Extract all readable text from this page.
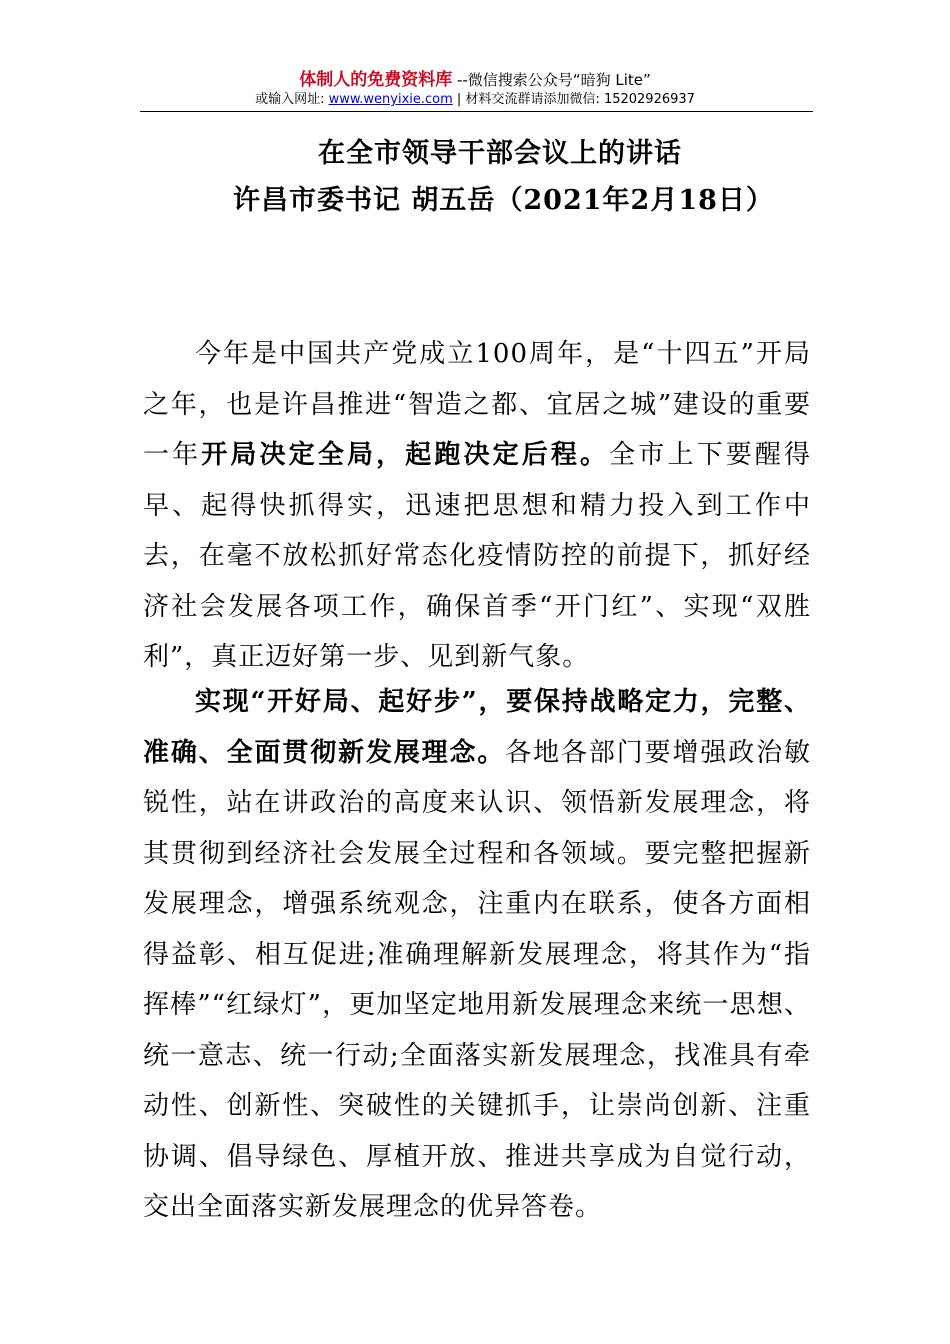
体制人的免费资料库 --微信搜索公众号“暗狗 Lite”
或输入网址: www.wenyixie.com | 材料交流群请添加微信: 15202926937
在全市领导干部会议上的讲话
许昌市委书记 胡五岳（2021年2月18日）
今年是中国共产党成立100周年，是“十四五”开局之年，也是许昌推进“智造之都、宜居之城”建设的重要一年开局决定全局，起跑决定后程。全市上下要醒得早、起得快抓得实，迅速把思想和精力投入到工作中去，在毫不放松抓好常态化疫情防控的前提下，抓好经济社会发展各项工作，确保首季“开门红”、实现“双胜利”，真正迈好第一步、见到新气象。
实现“开好局、起好步”，要保持战略定力，完整、准确、全面贯彻新发展理念。各地各部门要增强政治敏锐性，站在讲政治的高度来认识、领悟新发展理念，将其贯彻到经济社会发展全过程和各领域。要完整把握新发展理念，增强系统观念，注重内在联系，使各方面相得益彰、相互促进;准确理解新发展理念，将其作为“指挥棒”“红绿灯”，更加坚定地用新发展理念来统一思想、统一意志、统一行动;全面落实新发展理念，找准具有牵动性、创新性、突破性的关键抓手，让崇尚创新、注重协调、倡导绿色、厚植开放、推进共享成为自觉行动，交出全面落实新发展理念的优异答卷。
